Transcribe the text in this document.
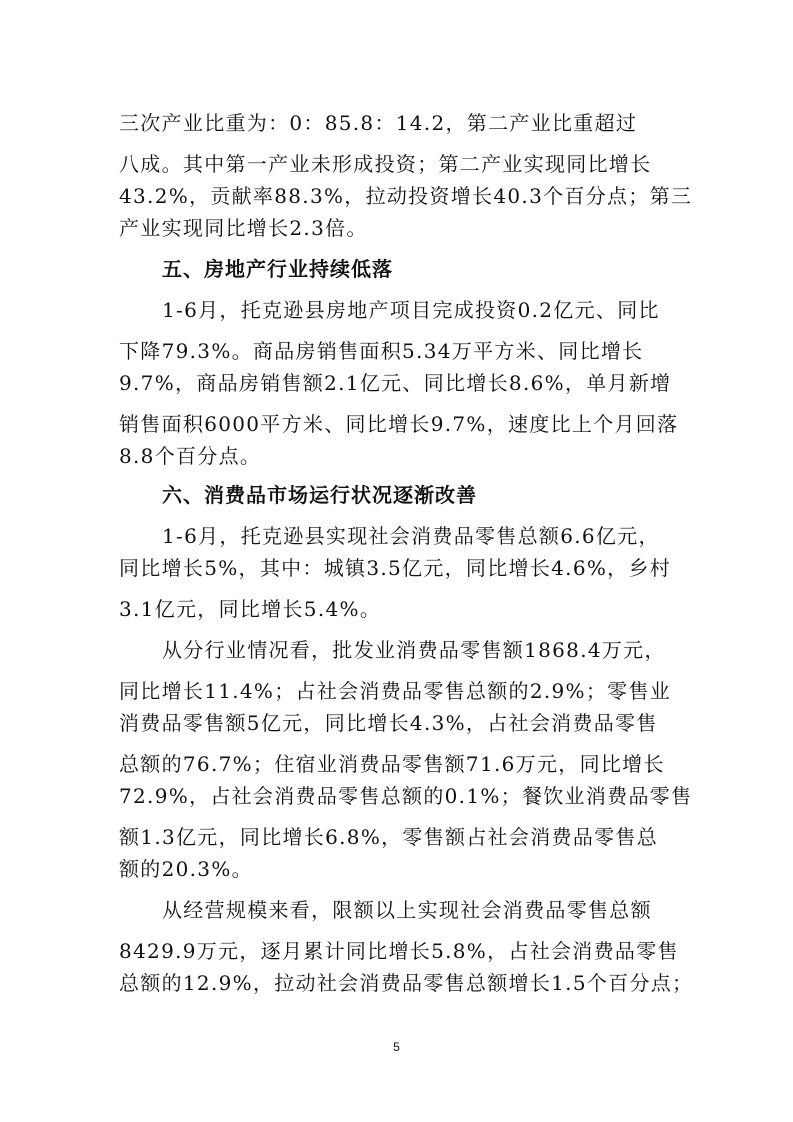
三次产业比重为：0：85.8：14.2，第二产业比重超过
八成。其中第一产业未形成投资；第二产业实现同比增长
43.2%，贡献率88.3%，拉动投资增长40.3个百分点；第三
产业实现同比增长2.3倍。
五、房地产行业持续低落
1-6月，托克逊县房地产项目完成投资0.2亿元、同比
下降79.3%。商品房销售面积5.34万平方米、同比增长
9.7%，商品房销售额2.1亿元、同比增长8.6%，单月新增
销售面积6000平方米、同比增长9.7%，速度比上个月回落
8.8个百分点。
六、消费品市场运行状况逐渐改善
1-6月，托克逊县实现社会消费品零售总额6.6亿元，
同比增长5%，其中：城镇3.5亿元，同比增长4.6%，乡村
3.1亿元，同比增长5.4%。
从分行业情况看，批发业消费品零售额1868.4万元，
同比增长11.4%；占社会消费品零售总额的2.9%；零售业
消费品零售额5亿元，同比增长4.3%，占社会消费品零售
总额的76.7%；住宿业消费品零售额71.6万元，同比增长
72.9%，占社会消费品零售总额的0.1%；餐饮业消费品零售
额1.3亿元，同比增长6.8%，零售额占社会消费品零售总
额的20.3%。
从经营规模来看，限额以上实现社会消费品零售总额
8429.9万元，逐月累计同比增长5.8%，占社会消费品零售
总额的12.9%，拉动社会消费品零售总额增长1.5个百分点；
5
